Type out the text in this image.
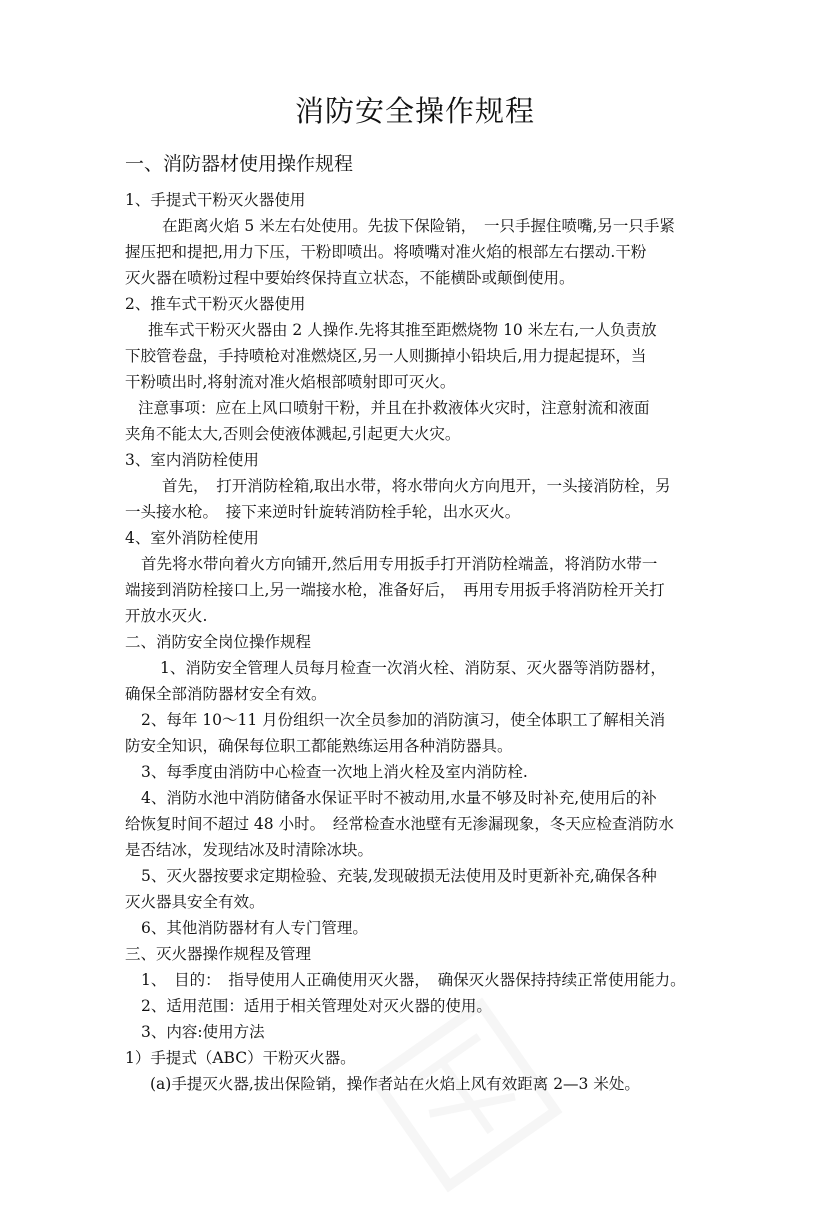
消防安全操作规程
一、消防器材使用操作规程
1、手提式干粉灭火器使用
在距离火焰 5 米左右处使用。先拔下保险销，　一只手握住喷嘴,另一只手紧
握压把和提把,用力下压，干粉即喷出。将喷嘴对准火焰的根部左右摆动.干粉
灭火器在喷粉过程中要始终保持直立状态，不能横卧或颠倒使用。
2、推车式干粉灭火器使用
推车式干粉灭火器由 2 人操作.先将其推至距燃烧物 10 米左右,一人负责放
下胶管卷盘，手持喷枪对准燃烧区,另一人则撕掉小铅块后,用力提起提环，当
干粉喷出时,将射流对准火焰根部喷射即可灭火。
注意事项：应在上风口喷射干粉，并且在扑救液体火灾时，注意射流和液面
夹角不能太大,否则会使液体溅起,引起更大火灾。
3、室内消防栓使用
首先，　打开消防栓箱,取出水带，将水带向火方向甩开，一头接消防栓，另
一头接水枪。　接下来逆时针旋转消防栓手轮，出水灭火。
4、室外消防栓使用
首先将水带向着火方向铺开,然后用专用扳手打开消防栓端盖，将消防水带一
端接到消防栓接口上,另一端接水枪，准备好后，　再用专用扳手将消防栓开关打
开放水灭火.
二、消防安全岗位操作规程
1、消防安全管理人员每月检查一次消火栓、消防泵、灭火器等消防器材，
确保全部消防器材安全有效。
2、每年 10～11 月份组织一次全员参加的消防演习，使全体职工了解相关消
防安全知识，确保每位职工都能熟练运用各种消防器具。
3、每季度由消防中心检查一次地上消火栓及室内消防栓.
4、消防水池中消防储备水保证平时不被动用,水量不够及时补充,使用后的补
给恢复时间不超过 48 小时。　经常检查水池壁有无渗漏现象，冬天应检查消防水
是否结冰，发现结冰及时清除冰块。
5、灭火器按要求定期检验、充装,发现破损无法使用及时更新补充,确保各种
灭火器具安全有效。
6、其他消防器材有人专门管理。
三、灭火器操作规程及管理
1、　目的：　指导使用人正确使用灭火器，　确保灭火器保持持续正常使用能力。
2、适用范围：适用于相关管理处对灭火器的使用。
3、内容:使用方法
1）手提式（ABC）干粉灭火器。
(a)手提灭火器,拔出保险销，操作者站在火焰上风有效距离 2—3 米处。
